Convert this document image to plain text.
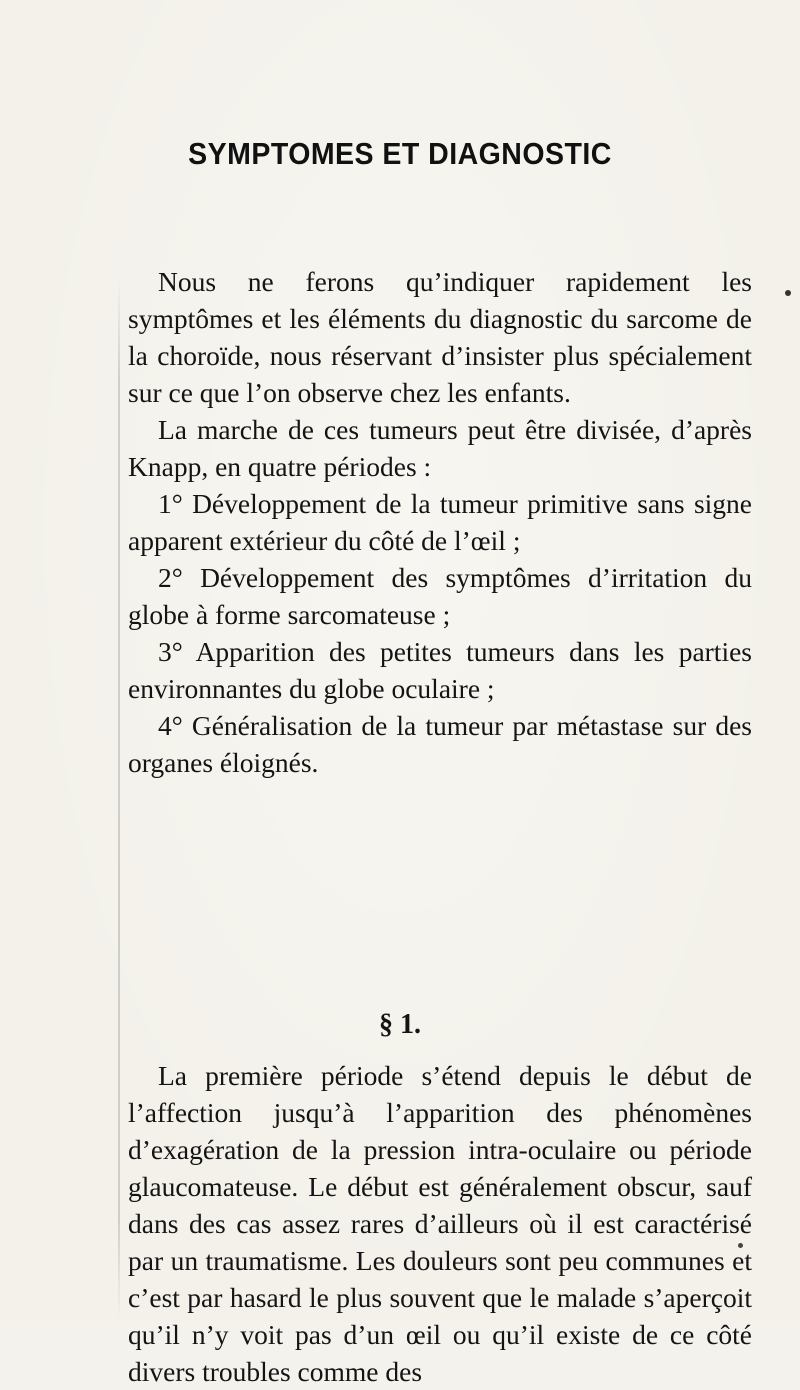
SYMPTOMES ET DIAGNOSTIC

Nous ne ferons qu’indiquer rapidement les symptômes et les éléments du diagnostic du sarcome de la choroïde, nous réservant d’insister plus spécialement sur ce que l’on observe chez les enfants.

La marche de ces tumeurs peut être divisée, d’après Knapp, en quatre périodes :

1° Développement de la tumeur primitive sans signe apparent extérieur du côté de l’œil ;

2° Développement des symptômes d’irritation du globe à forme sarcomateuse ;

3° Apparition des petites tumeurs dans les parties environnantes du globe oculaire ;

4° Généralisation de la tumeur par métastase sur des organes éloignés.

§ 1.

La première période s’étend depuis le début de l’affection jusqu’à l’apparition des phénomènes d’exagération de la pression intra-oculaire ou période glaucomateuse. Le début est généralement obscur, sauf dans des cas assez rares d’ailleurs où il est caractérisé par un traumatisme. Les douleurs sont peu communes et c’est par hasard le plus souvent que le malade s’aperçoit qu’il n’y voit pas d’un œil ou qu’il existe de ce côté divers troubles comme des
